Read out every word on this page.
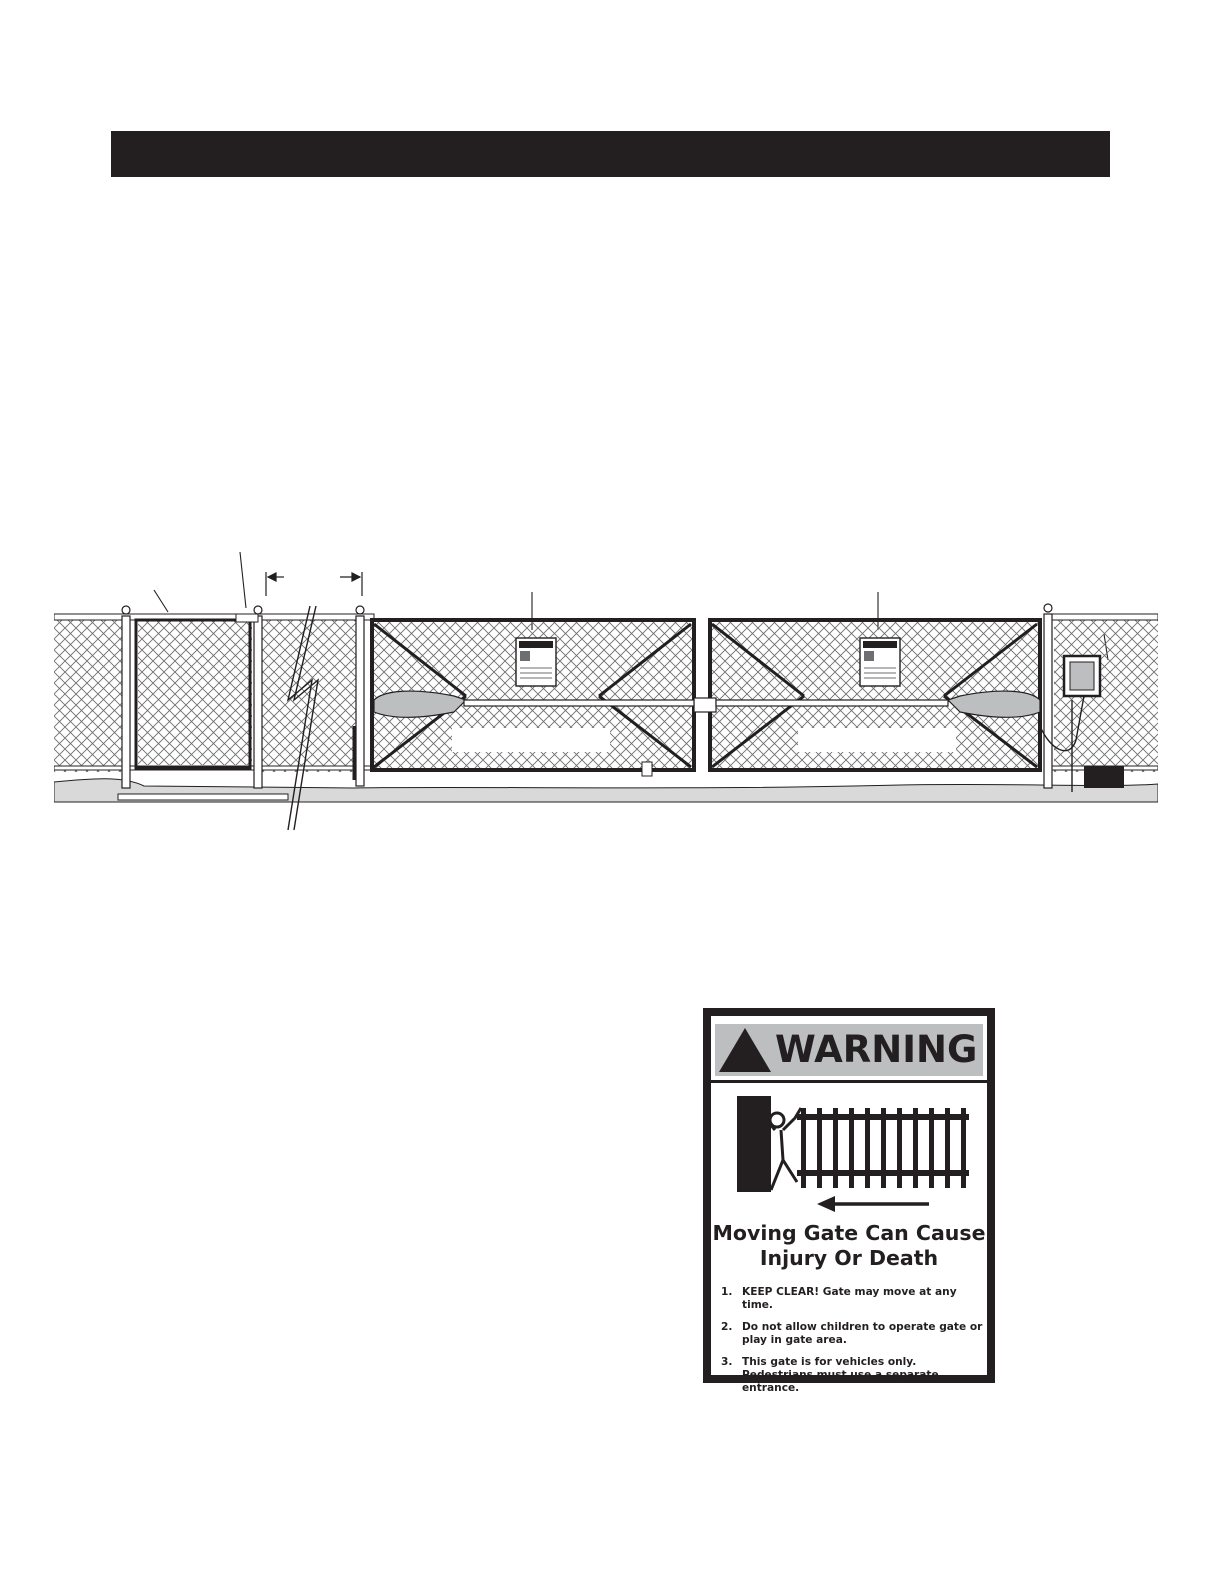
WARNING
Moving Gate Can Cause
Injury Or Death
1. KEEP CLEAR! Gate may move at any time.
2. Do not allow children to operate gate or play in gate area.
3. This gate is for vehicles only. Pedestrians must use a separate entrance.
